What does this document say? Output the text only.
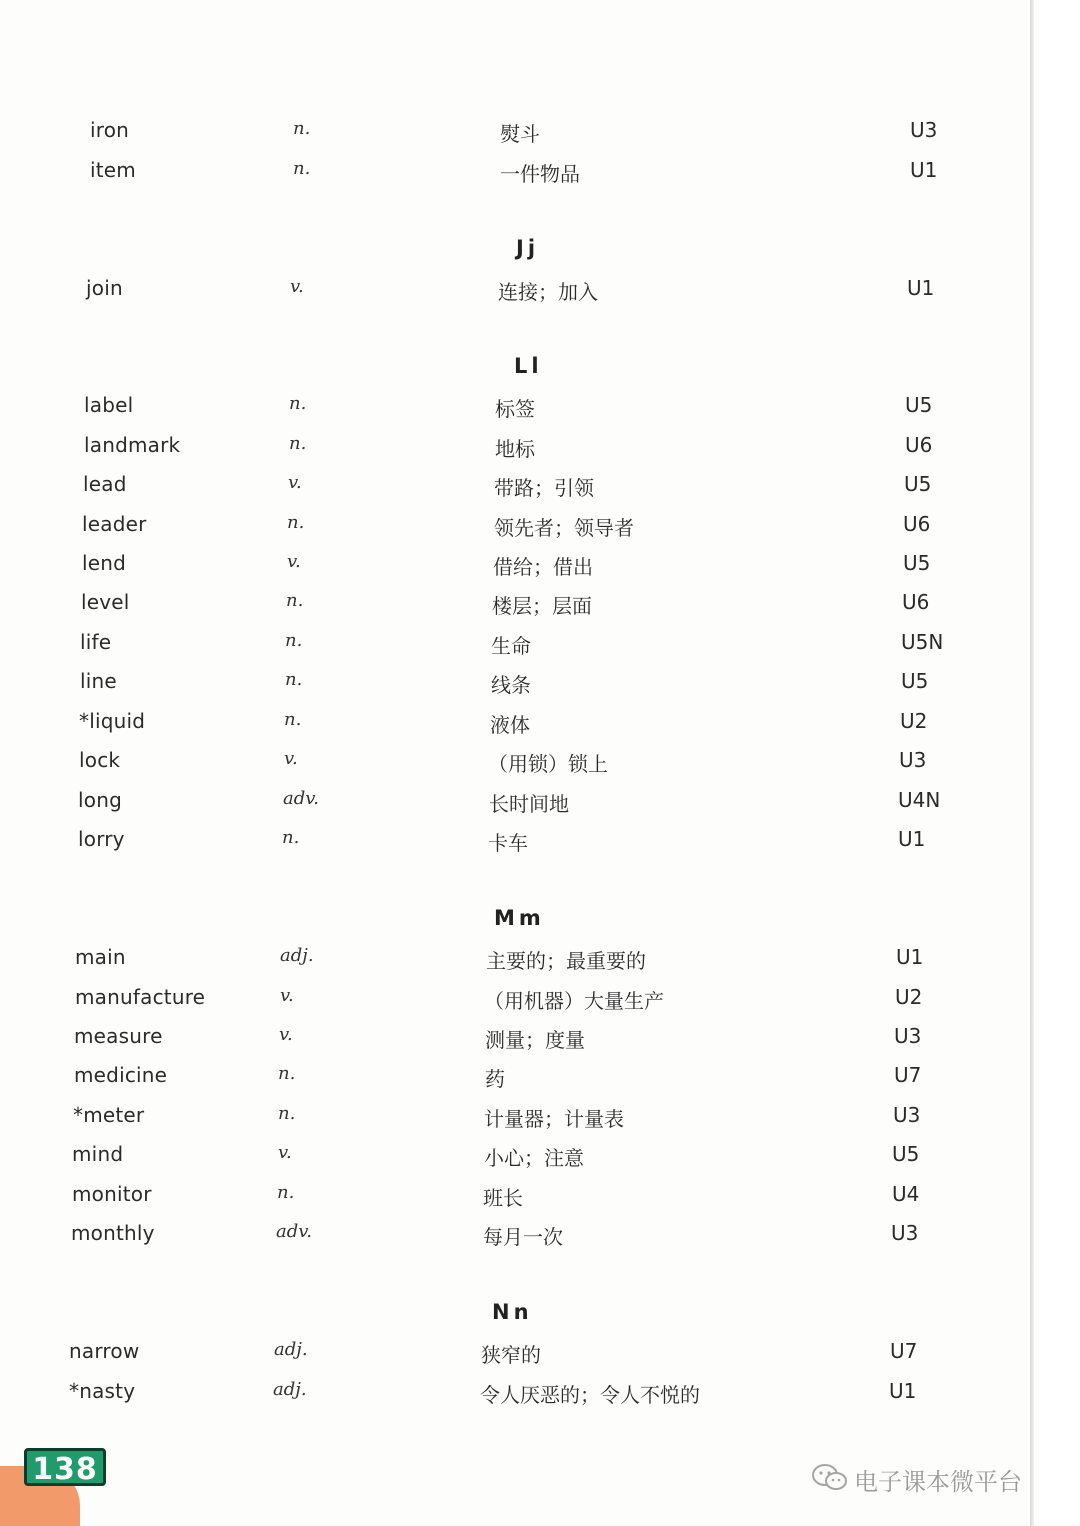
iron	n.	熨斗	U3
item	n.	一件物品	U1
Jj
join	v.	连接；加入	U1
Ll
label	n.	标签	U5
landmark	n.	地标	U6
lead	v.	带路；引领	U5
leader	n.	领先者；领导者	U6
lend	v.	借给；借出	U5
level	n.	楼层；层面	U6
life	n.	生命	U5N
line	n.	线条	U5
*liquid	n.	液体	U2
lock	v.	（用锁）锁上	U3
long	adv.	长时间地	U4N
lorry	n.	卡车	U1
Mm
main	adj.	主要的；最重要的	U1
manufacture	v.	（用机器）大量生产	U2
measure	v.	测量；度量	U3
medicine	n.	药	U7
*meter	n.	计量器；计量表	U3
mind	v.	小心；注意	U5
monitor	n.	班长	U4
monthly	adv.	每月一次	U3
Nn
narrow	adj.	狭窄的	U7
*nasty	adj.	令人厌恶的；令人不悦的	U1
138	电子课本微平台
